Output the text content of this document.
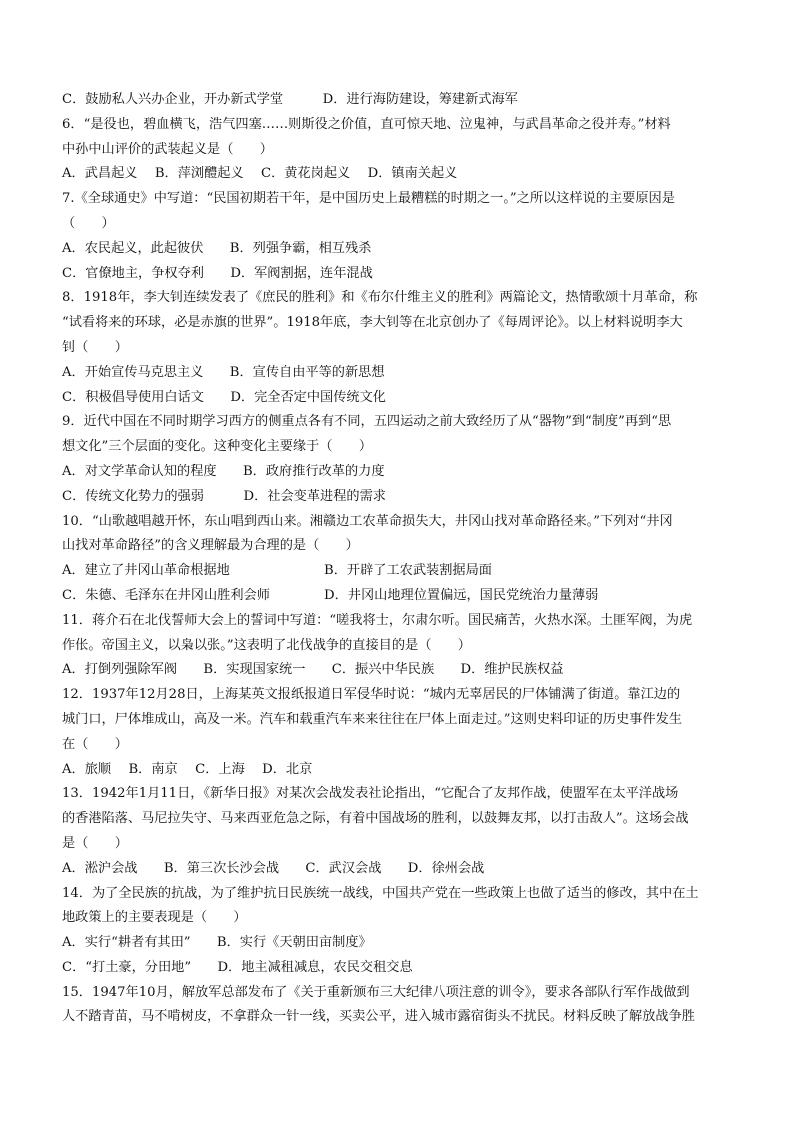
C．鼓励私人兴办企业，开办新式学堂　　　D．进行海防建设，筹建新式海军
6．“是役也，碧血横飞，浩气四塞……则斯役之价值，直可惊天地、泣鬼神，与武昌革命之役并寿。”材料
中孙中山评价的武装起义是（　　）
A．武昌起义　 B．萍浏醴起义　 C．黄花岗起义　 D．镇南关起义
7.《全球通史》中写道：“民国初期若干年，是中国历史上最糟糕的时期之一。”之所以这样说的主要原因是
（　　）
A．农民起义，此起彼伏　　B．列强争霸，相互残杀
C．官僚地主，争权夺利　　D．军阀割据，连年混战
8．1918年，李大钊连续发表了《庶民的胜利》和《布尔什维主义的胜利》两篇论文，热情歌颂十月革命，称
“试看将来的环球，必是赤旗的世界”。1918年底，李大钊等在北京创办了《每周评论》。以上材料说明李大
钊（　　）
A．开始宣传马克思主义　　B．宣传自由平等的新思想
C．积极倡导使用白话文　　D．完全否定中国传统文化
9．近代中国在不同时期学习西方的侧重点各有不同，五四运动之前大致经历了从“器物”到“制度”再到“思
想文化”三个层面的变化。这种变化主要缘于（　　）
A．对文学革命认知的程度　　B．政府推行改革的力度
C．传统文化势力的强弱　　　D．社会变革进程的需求
10．“山歌越唱越开怀，东山唱到西山来。湘赣边工农革命损失大，井冈山找对革命路径来。”下列对“井冈
山找对革命路径”的含义理解最为合理的是（　　）
A．建立了井冈山革命根据地	B．开辟了工农武装割据局面
C．朱德、毛泽东在井冈山胜利会师	D．井冈山地理位置偏远，国民党统治力量薄弱
11．蒋介石在北伐誓师大会上的誓词中写道：“嗟我将士，尔肃尔听。国民痛苦，火热水深。土匪军阀，为虎
作伥。帝国主义，以枭以张。”这表明了北伐战争的直接目的是（　　）
A．打倒列强除军阀　　B．实现国家统一　　C．振兴中华民族　　D．维护民族权益
12．1937年12月28日，上海某英文报纸报道日军侵华时说：“城内无辜居民的尸体铺满了街道。靠江边的
城门口，尸体堆成山，高及一米。汽车和载重汽车来来往往在尸体上面走过。”这则史料印证的历史事件发生
在（　　）
A．旅顺　 B．南京　 C．上海　 D．北京
13．1942年1月11日，《新华日报》对某次会战发表社论指出，“它配合了友邦作战，使盟军在太平洋战场
的香港陷落、马尼拉失守、马来西亚危急之际，有着中国战场的胜利，以鼓舞友邦，以打击敌人”。这场会战
是（　　）
A．淞沪会战　　B．第三次长沙会战　　C．武汉会战　　D．徐州会战
14．为了全民族的抗战，为了维护抗日民族统一战线，中国共产党在一些政策上也做了适当的修改，其中在土
地政策上的主要表现是（　　）
A．实行“耕者有其田”　　B．实行《天朝田亩制度》
C．“打土豪，分田地”　　D．地主减租减息，农民交租交息
15．1947年10月，解放军总部发布了《关于重新颁布三大纪律八项注意的训令》，要求各部队行军作战做到
人不踏青苗，马不啃树皮，不拿群众一针一线，买卖公平，进入城市露宿街头不扰民。材料反映了解放战争胜
